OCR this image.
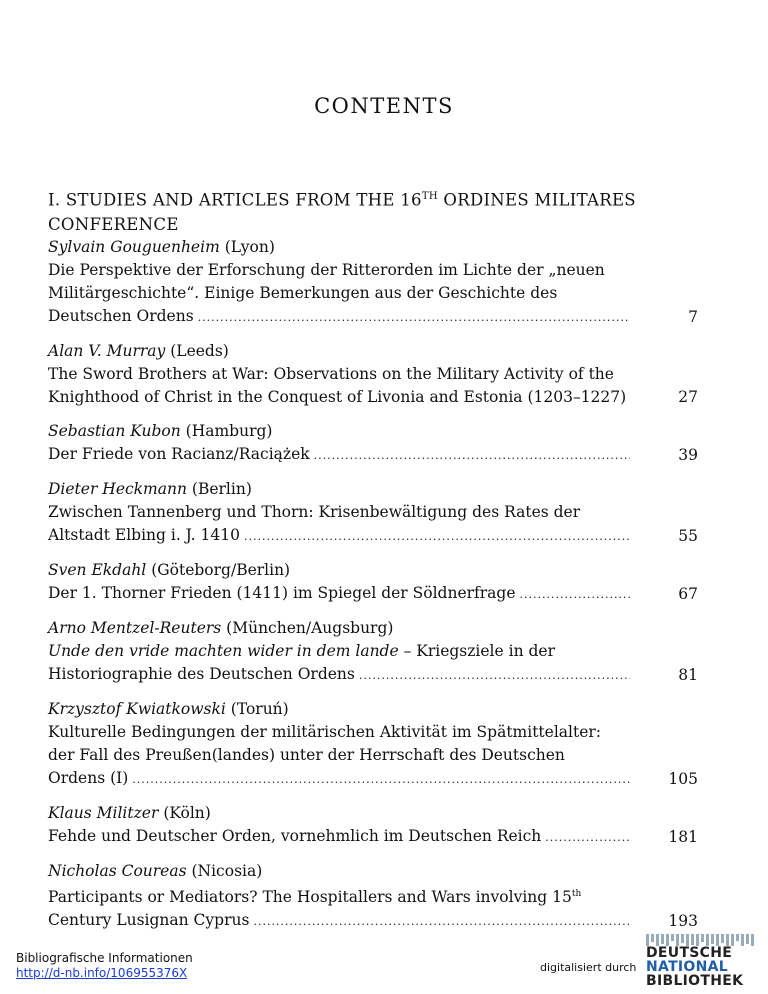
CONTENTS
I. STUDIES AND ARTICLES FROM THE 16TH ORDINES MILITARES CONFERENCE
Sylvain Gouguenheim (Lyon)
Die Perspektive der Erforschung der Ritterorden im Lichte der „neuen
Militärgeschichte“. Einige Bemerkungen aus der Geschichte des
Deutschen Ordens .....	7
Alan V. Murray (Leeds)
The Sword Brothers at War: Observations on the Military Activity of the
Knighthood of Christ in the Conquest of Livonia and Estonia (1203–1227)	27
Sebastian Kubon (Hamburg)
Der Friede von Racianz/Raciążek .....	39
Dieter Heckmann (Berlin)
Zwischen Tannenberg und Thorn: Krisenbewältigung des Rates der
Altstadt Elbing i. J. 1410 .....	55
Sven Ekdahl (Göteborg/Berlin)
Der 1. Thorner Frieden (1411) im Spiegel der Söldnerfrage .....	67
Arno Mentzel-Reuters (München/Augsburg)
Unde den vride machten wider in dem lande – Kriegsziele in der
Historiographie des Deutschen Ordens .....	81
Krzysztof Kwiatkowski (Toruń)
Kulturelle Bedingungen der militärischen Aktivität im Spätmittelalter:
der Fall des Preußen(landes) unter der Herrschaft des Deutschen
Ordens (I) .....	105
Klaus Militzer (Köln)
Fehde und Deutscher Orden, vornehmlich im Deutschen Reich .....	181
Nicholas Coureas (Nicosia)
Participants or Mediators? The Hospitallers and Wars involving 15th
Century Lusignan Cyprus .....	193
Bibliografische Informationen
http://d-nb.info/106955376X	digitalisiert durch
DEUTSCHE
NATIONAL
BIBLIOTHEK
